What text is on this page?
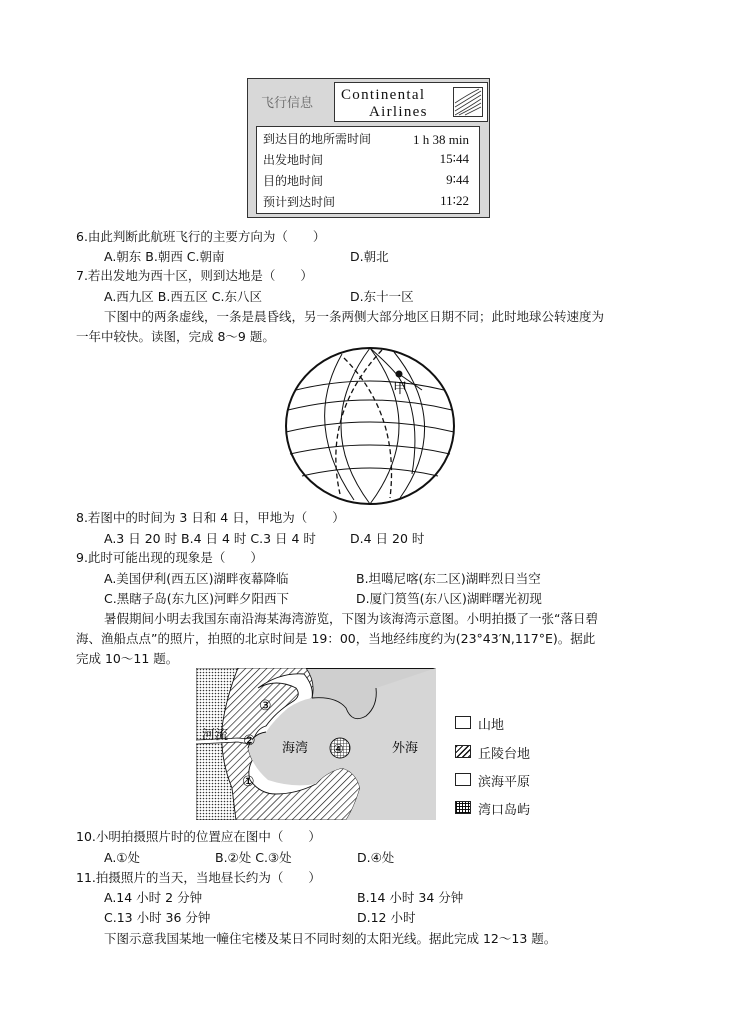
飞行信息
Continental
Airlines
到达目的地所需时间	1 h 38 min
出发地时间	15∶44
目的地时间	9∶44
预计到达时间	11∶22
6.由此判断此航班飞行的主要方向为（　　）
A.朝东 B.朝西 C.朝南	D.朝北
7.若出发地为西十区，则到达地是（　　）
A.西九区 B.西五区 C.东八区	D.东十一区
下图中的两条虚线，一条是晨昏线，另一条两侧大部分地区日期不同；此时地球公转速度为
一年中较快。读图，完成 8～9 题。
甲
8.若图中的时间为 3 日和 4 日，甲地为（　　）
A.3 日 20 时 B.4 日 4 时 C.3 日 4 时	D.4 日 20 时
9.此时可能出现的现象是（　　）
A.美国伊利(西五区)湖畔夜幕降临	B.坦噶尼喀(东二区)湖畔烈日当空
C.黑瞎子岛(东九区)河畔夕阳西下	D.厦门筼筜(东八区)湖畔曙光初现
暑假期间小明去我国东南沿海某海湾游览，下图为该海湾示意图。小明拍摄了一张“落日碧
海、渔船点点”的照片，拍照的北京时间是 19：00，当地经纬度约为(23°43′N,117°E)。据此
完成 10～11 题。
河流
海湾	外海
①
②
③
④
山地
丘陵台地
滨海平原
湾口岛屿
10.小明拍摄照片时的位置应在图中（　　）
A.①处	B.②处 C.③处	D.④处
11.拍摄照片的当天，当地昼长约为（　　）
A.14 小时 2 分钟	B.14 小时 34 分钟
C.13 小时 36 分钟	D.12 小时
下图示意我国某地一幢住宅楼及某日不同时刻的太阳光线。据此完成 12～13 题。
